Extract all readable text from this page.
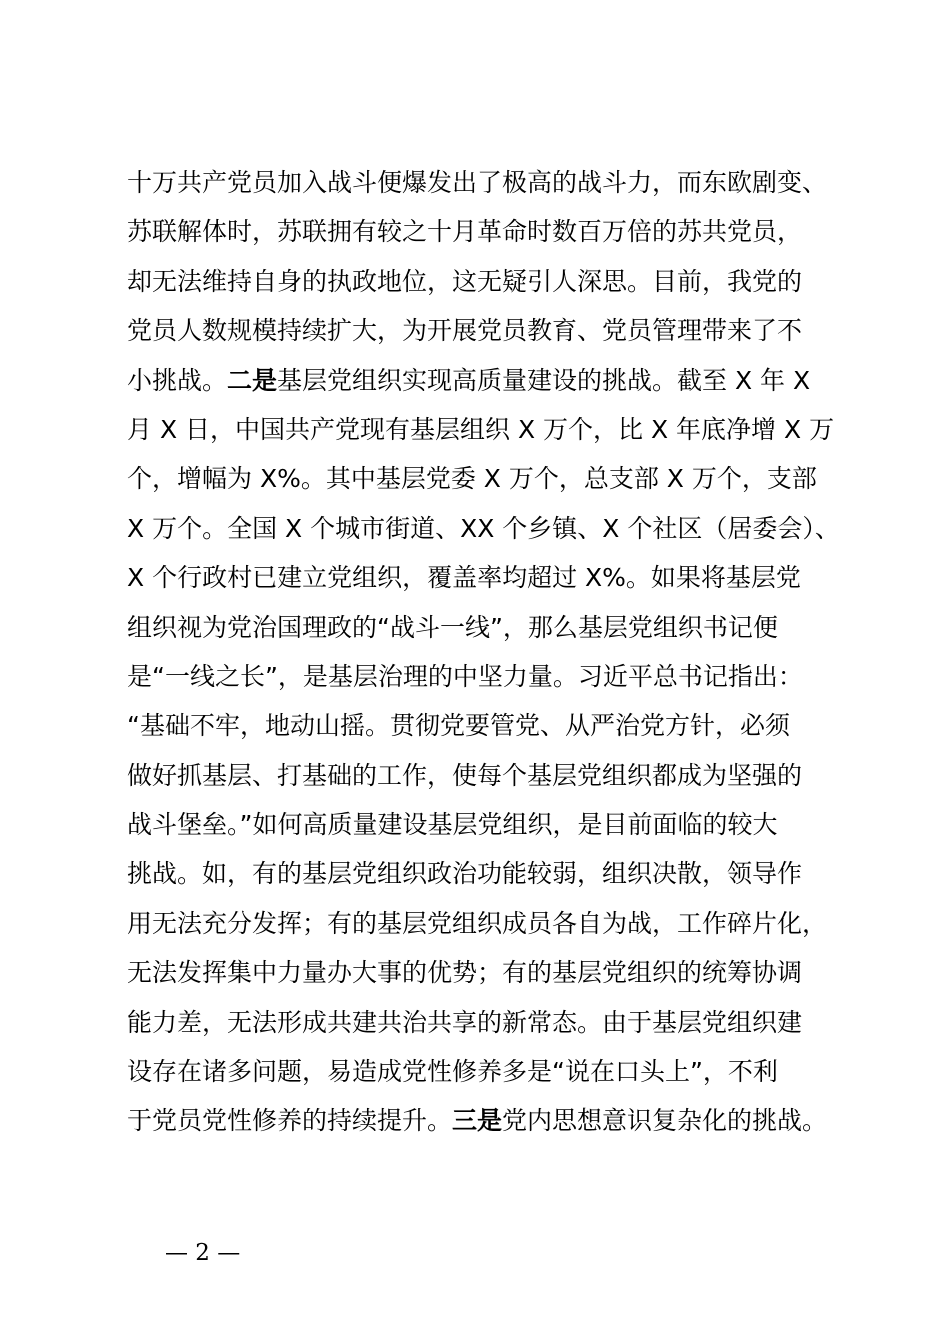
十万共产党员加入战斗便爆发出了极高的战斗力，而东欧剧变、
苏联解体时，苏联拥有较之十月革命时数百万倍的苏共党员，
却无法维持自身的执政地位，这无疑引人深思。目前，我党的
党员人数规模持续扩大，为开展党员教育、党员管理带来了不
小挑战。二是基层党组织实现高质量建设的挑战。截至 X 年 X
月 X 日，中国共产党现有基层组织 X 万个，比 X 年底净增 X 万
个，增幅为 X%。其中基层党委 X 万个，总支部 X 万个，支部
X 万个。全国 X 个城市街道、XX 个乡镇、X 个社区（居委会）、
X 个行政村已建立党组织，覆盖率均超过 X%。如果将基层党
组织视为党治国理政的“战斗一线”，那么基层党组织书记便
是“一线之长”，是基层治理的中坚力量。习近平总书记指出：
“基础不牢，地动山摇。贯彻党要管党、从严治党方针，必须
做好抓基层、打基础的工作，使每个基层党组织都成为坚强的
战斗堡垒。”如何高质量建设基层党组织，是目前面临的较大
挑战。如，有的基层党组织政治功能较弱，组织决散，领导作
用无法充分发挥；有的基层党组织成员各自为战，工作碎片化，
无法发挥集中力量办大事的优势；有的基层党组织的统筹协调
能力差，无法形成共建共治共享的新常态。由于基层党组织建
设存在诸多问题，易造成党性修养多是“说在口头上”，不利
于党员党性修养的持续提升。三是党内思想意识复杂化的挑战。
— 2 —
